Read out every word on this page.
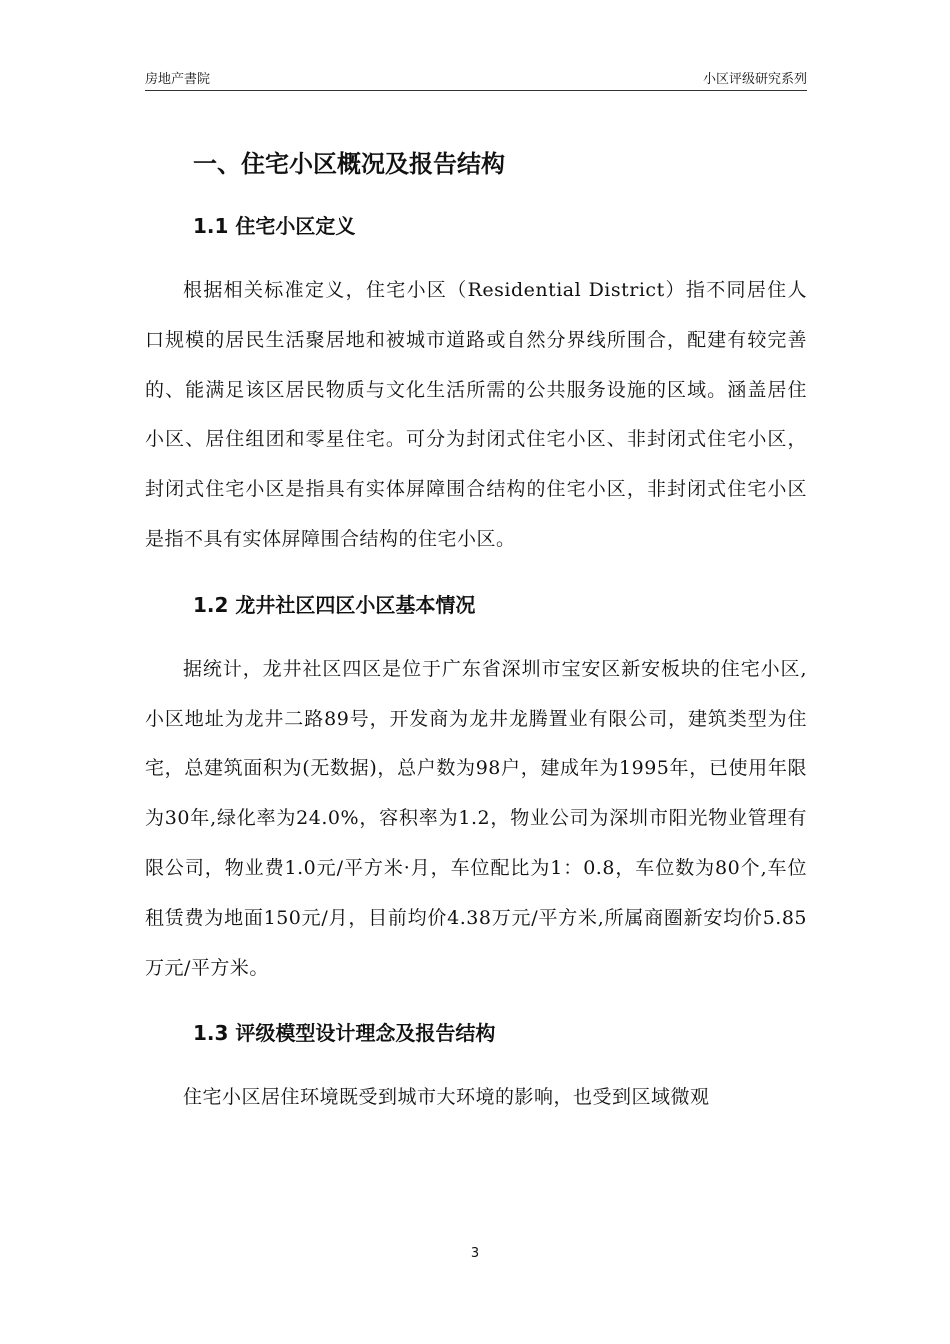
房地产書院	小区评级研究系列
一、住宅小区概况及报告结构
1.1 住宅小区定义

根据相关标准定义，住宅小区（Residential District）指不同居住人口规模的居民生活聚居地和被城市道路或自然分界线所围合，配建有较完善的、能满足该区居民物质与文化生活所需的公共服务设施的区域。涵盖居住小区、居住组团和零星住宅。可分为封闭式住宅小区、非封闭式住宅小区，封闭式住宅小区是指具有实体屏障围合结构的住宅小区，非封闭式住宅小区是指不具有实体屏障围合结构的住宅小区。

1.2 龙井社区四区小区基本情况

据统计，龙井社区四区是位于广东省深圳市宝安区新安板块的住宅小区,小区地址为龙井二路89号，开发商为龙井龙腾置业有限公司，建筑类型为住宅，总建筑面积为(无数据)，总户数为98户，建成年为1995年，已使用年限为30年,绿化率为24.0%，容积率为1.2，物业公司为深圳市阳光物业管理有限公司，物业费1.0元/平方米·月，车位配比为1：0.8，车位数为80个,车位租赁费为地面150元/月，目前均价4.38万元/平方米,所属商圈新安均价5.85万元/平方米。

1.3 评级模型设计理念及报告结构

住宅小区居住环境既受到城市大环境的影响，也受到区域微观

3
